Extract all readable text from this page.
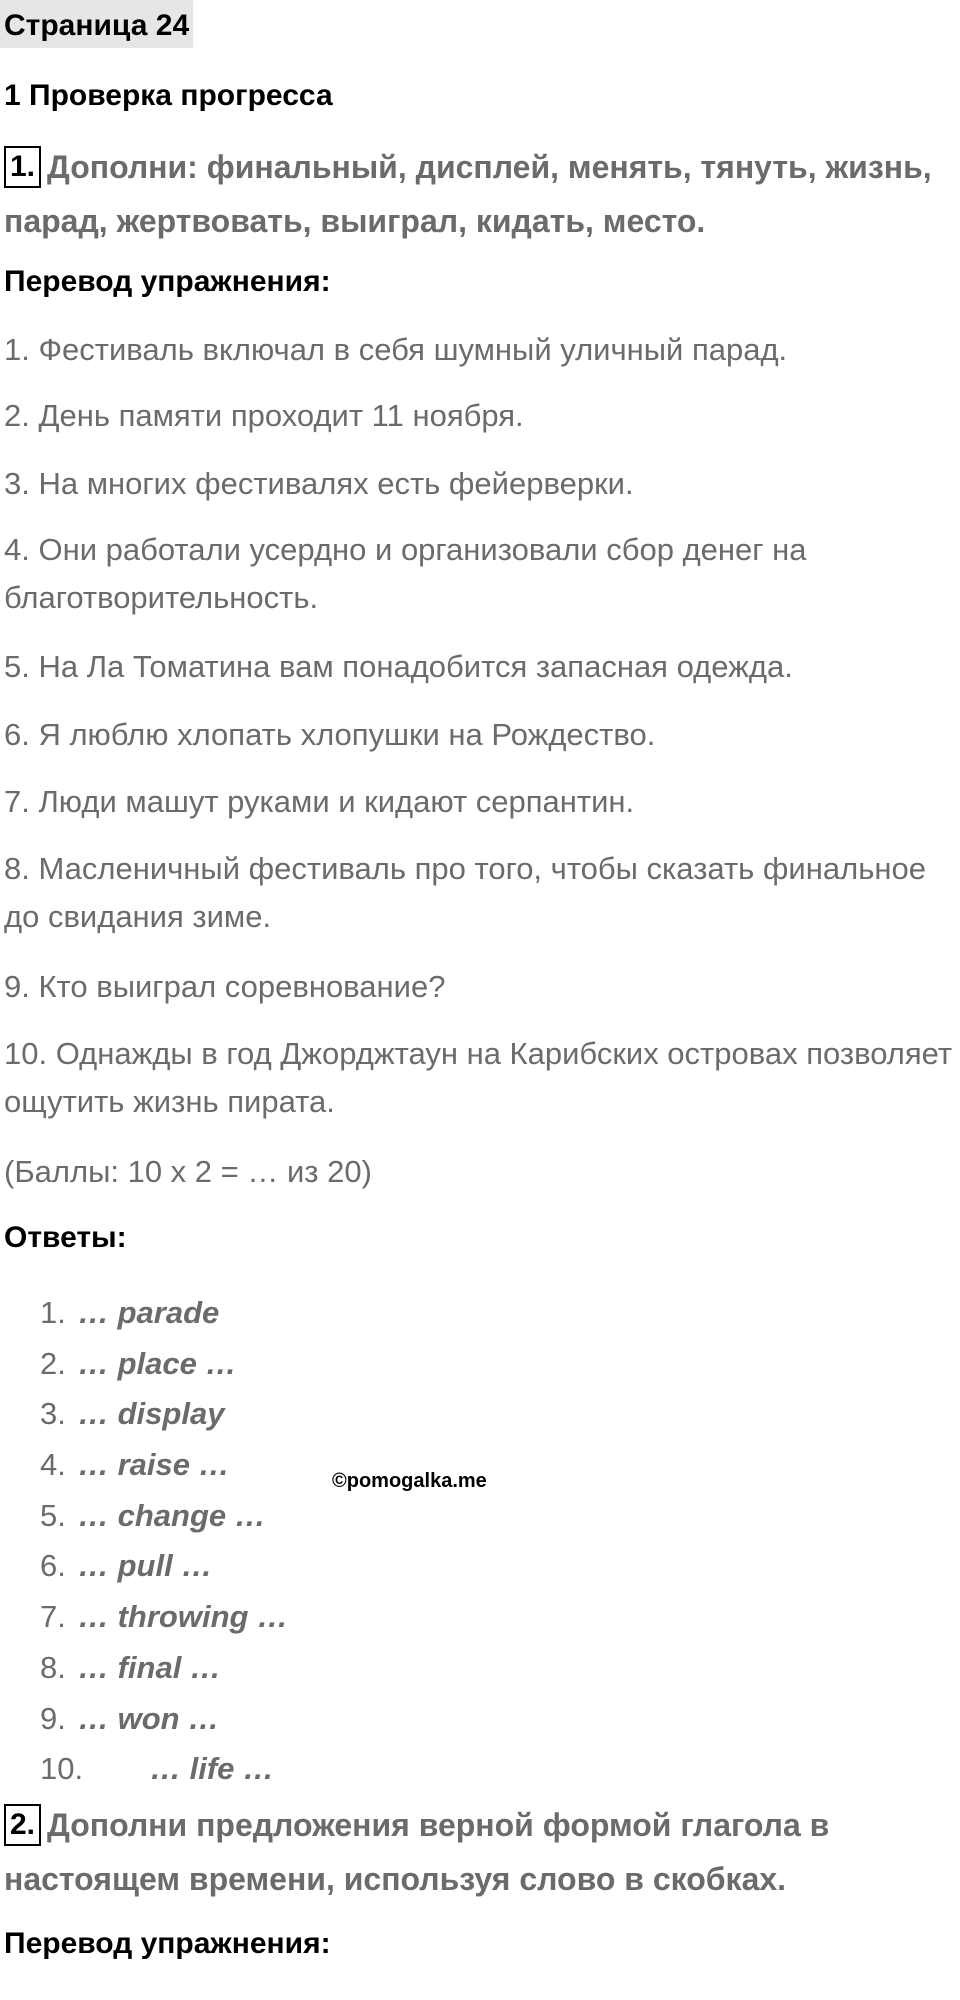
Страница 24
1 Проверка прогресса
1. Дополни: финальный, дисплей, менять, тянуть, жизнь, парад, жертвовать, выиграл, кидать, место.
Перевод упражнения:
1. Фестиваль включал в себя шумный уличный парад.
2. День памяти проходит 11 ноября.
3. На многих фестивалях есть фейерверки.
4. Они работали усердно и организовали сбор денег на благотворительность.
5. На Ла Томатина вам понадобится запасная одежда.
6. Я люблю хлопать хлопушки на Рождество.
7. Люди машут руками и кидают серпантин.
8. Масленичный фестиваль про того, чтобы сказать финальное до свидания зиме.
9. Кто выиграл соревнование?
10. Однажды в год Джорджтаун на Карибских островах позволяет ощутить жизнь пирата.
(Баллы: 10 х 2 = … из 20)
Ответы:
1. … parade
2. … place …
3. … display
4. … raise …
5. … change …
6. … pull …
7. … throwing …
8. … final …
9. … won …
10. … life …
©pomogalka.me
2. Дополни предложения верной формой глагола в настоящем времени, используя слово в скобках.
Перевод упражнения:
